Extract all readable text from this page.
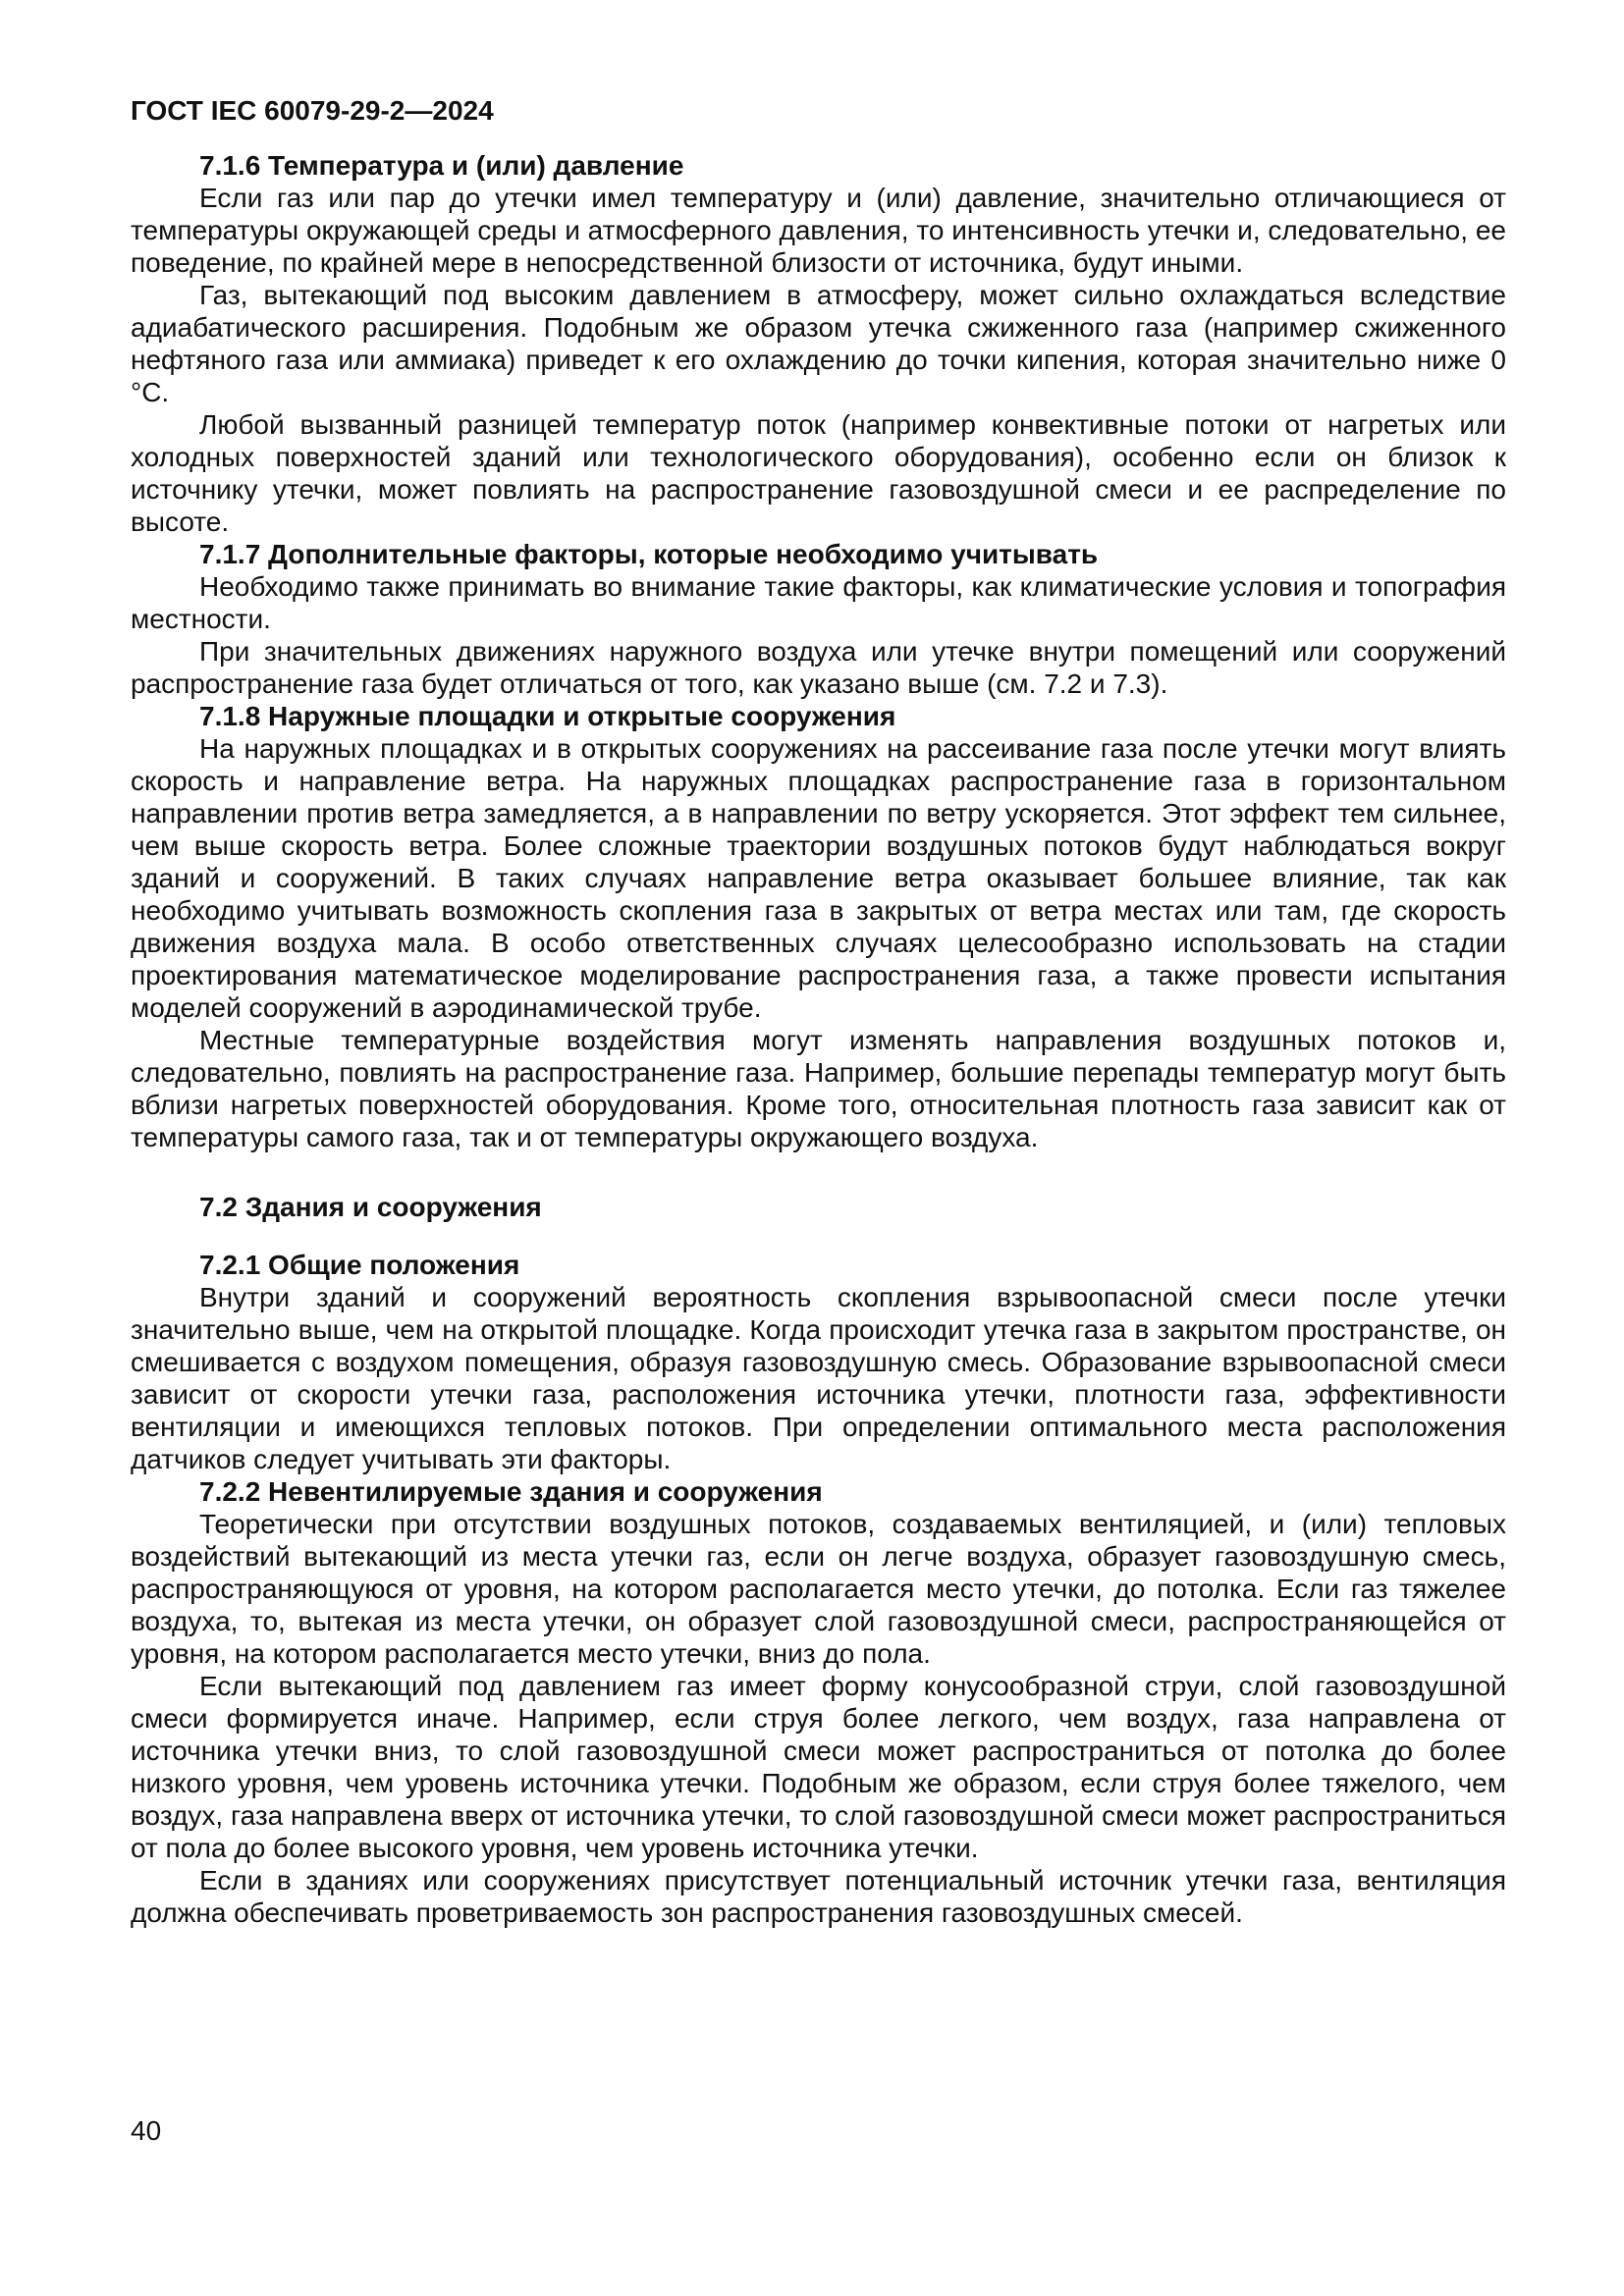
ГОСТ IEC 60079-29-2—2024

7.1.6 Температура и (или) давление

Если газ или пар до утечки имел температуру и (или) давление, значительно отличающиеся от температуры окружающей среды и атмосферного давления, то интенсивность утечки и, следовательно, ее поведение, по крайней мере в непосредственной близости от источника, будут иными.

Газ, вытекающий под высоким давлением в атмосферу, может сильно охлаждаться вследствие адиабатического расширения. Подобным же образом утечка сжиженного газа (например сжиженного нефтяного газа или аммиака) приведет к его охлаждению до точки кипения, которая значительно ниже 0 °С.

Любой вызванный разницей температур поток (например конвективные потоки от нагретых или холодных поверхностей зданий или технологического оборудования), особенно если он близок к источнику утечки, может повлиять на распространение газовоздушной смеси и ее распределение по высоте.

7.1.7 Дополнительные факторы, которые необходимо учитывать

Необходимо также принимать во внимание такие факторы, как климатические условия и топография местности.

При значительных движениях наружного воздуха или утечке внутри помещений или сооружений распространение газа будет отличаться от того, как указано выше (см. 7.2 и 7.3).

7.1.8 Наружные площадки и открытые сооружения

На наружных площадках и в открытых сооружениях на рассеивание газа после утечки могут влиять скорость и направление ветра. На наружных площадках распространение газа в горизонтальном направлении против ветра замедляется, а в направлении по ветру ускоряется. Этот эффект тем сильнее, чем выше скорость ветра. Более сложные траектории воздушных потоков будут наблюдаться вокруг зданий и сооружений. В таких случаях направление ветра оказывает большее влияние, так как необходимо учитывать возможность скопления газа в закрытых от ветра местах или там, где скорость движения воздуха мала. В особо ответственных случаях целесообразно использовать на стадии проектирования математическое моделирование распространения газа, а также провести испытания моделей сооружений в аэродинамической трубе.

Местные температурные воздействия могут изменять направления воздушных потоков и, следовательно, повлиять на распространение газа. Например, большие перепады температур могут быть вблизи нагретых поверхностей оборудования. Кроме того, относительная плотность газа зависит как от температуры самого газа, так и от температуры окружающего воздуха.

7.2 Здания и сооружения

7.2.1 Общие положения

Внутри зданий и сооружений вероятность скопления взрывоопасной смеси после утечки значительно выше, чем на открытой площадке. Когда происходит утечка газа в закрытом пространстве, он смешивается с воздухом помещения, образуя газовоздушную смесь. Образование взрывоопасной смеси зависит от скорости утечки газа, расположения источника утечки, плотности газа, эффективности вентиляции и имеющихся тепловых потоков. При определении оптимального места расположения датчиков следует учитывать эти факторы.

7.2.2 Невентилируемые здания и сооружения

Теоретически при отсутствии воздушных потоков, создаваемых вентиляцией, и (или) тепловых воздействий вытекающий из места утечки газ, если он легче воздуха, образует газовоздушную смесь, распространяющуюся от уровня, на котором располагается место утечки, до потолка. Если газ тяжелее воздуха, то, вытекая из места утечки, он образует слой газовоздушной смеси, распространяющейся от уровня, на котором располагается место утечки, вниз до пола.

Если вытекающий под давлением газ имеет форму конусообразной струи, слой газовоздушной смеси формируется иначе. Например, если струя более легкого, чем воздух, газа направлена от источника утечки вниз, то слой газовоздушной смеси может распространиться от потолка до более низкого уровня, чем уровень источника утечки. Подобным же образом, если струя более тяжелого, чем воздух, газа направлена вверх от источника утечки, то слой газовоздушной смеси может распространиться от пола до более высокого уровня, чем уровень источника утечки.

Если в зданиях или сооружениях присутствует потенциальный источник утечки газа, вентиляция должна обеспечивать проветриваемость зон распространения газовоздушных смесей.

40
